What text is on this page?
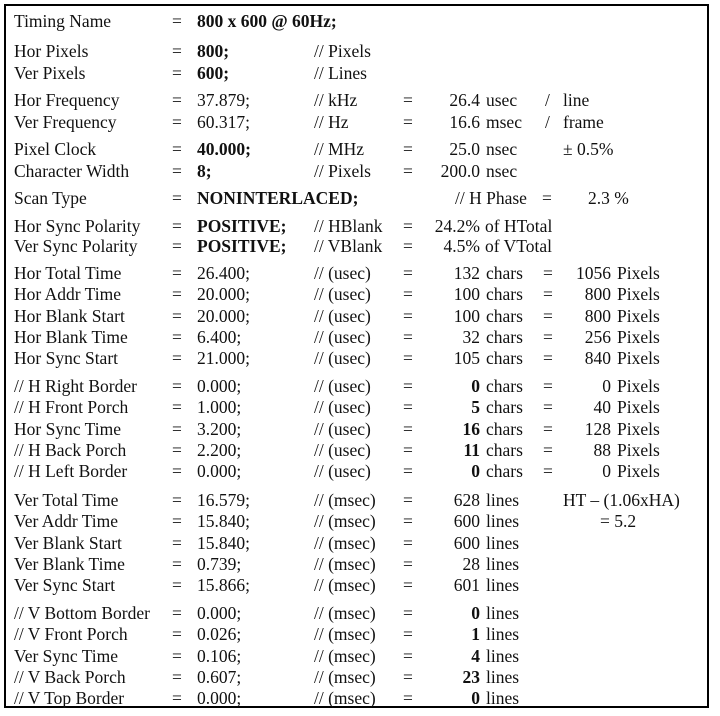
Timing Name	= 800 x 600 @ 60Hz;
Hor Pixels	= 800;	// Pixels
Ver Pixels	= 600;	// Lines
Hor Frequency	= 37.879;	// kHz	=	26.4 usec / line
Ver Frequency	= 60.317;	// Hz	=	16.6 msec / frame
Pixel Clock	= 40.000;	// MHz =	25.0 nsec	± 0.5%
Character Width = 8;	// Pixels =	200.0 nsec
Scan Type	= NONINTERLACED;	// H Phase = 2.3 %
Hor Sync Polarity = POSITIVE; // HBlank =	24.2% of HTotal
Ver Sync Polarity = POSITIVE; // VBlank =	4.5% of VTotal
Hor Total Time	= 26.400;	// (usec) =	132 chars =	1056 Pixels
Hor Addr Time	= 20.000;	// (usec) =	100 chars =	800 Pixels
Hor Blank Start	= 20.000;	// (usec) =	100 chars =	800 Pixels
Hor Blank Time	= 6.400;	// (usec) =	32 chars =	256 Pixels
Hor Sync Start	= 21.000;	// (usec) =	105 chars =	840 Pixels
// H Right Border = 0.000;	// (usec) =	0 chars =	0 Pixels
// H Front Porch	= 1.000;	// (usec) =	5 chars =	40 Pixels
Hor Sync Time	= 3.200;	// (usec) =	16 chars =	128 Pixels
// H Back Porch	= 2.200;	// (usec) =	11 chars =	88 Pixels
// H Left Border	= 0.000;	// (usec) =	0 chars =	0 Pixels
Ver Total Time	= 16.579;	// (msec) =	628 lines	HT – (1.06xHA)
Ver Addr Time	= 15.840;	// (msec) =	600 lines	= 5.2
Ver Blank Start	= 15.840;	// (msec) =	600 lines
Ver Blank Time	= 0.739;	// (msec) =	28 lines
Ver Sync Start	= 15.866;	// (msec) =	601 lines
// V Bottom Border = 0.000;	// (msec) =	0 lines
// V Front Porch	= 0.026;	// (msec) =	1 lines
Ver Sync Time	= 0.106;	// (msec) =	4 lines
// V Back Porch	= 0.607;	// (msec) =	23 lines
// V Top Border	= 0.000;	// (msec) =	0 lines
